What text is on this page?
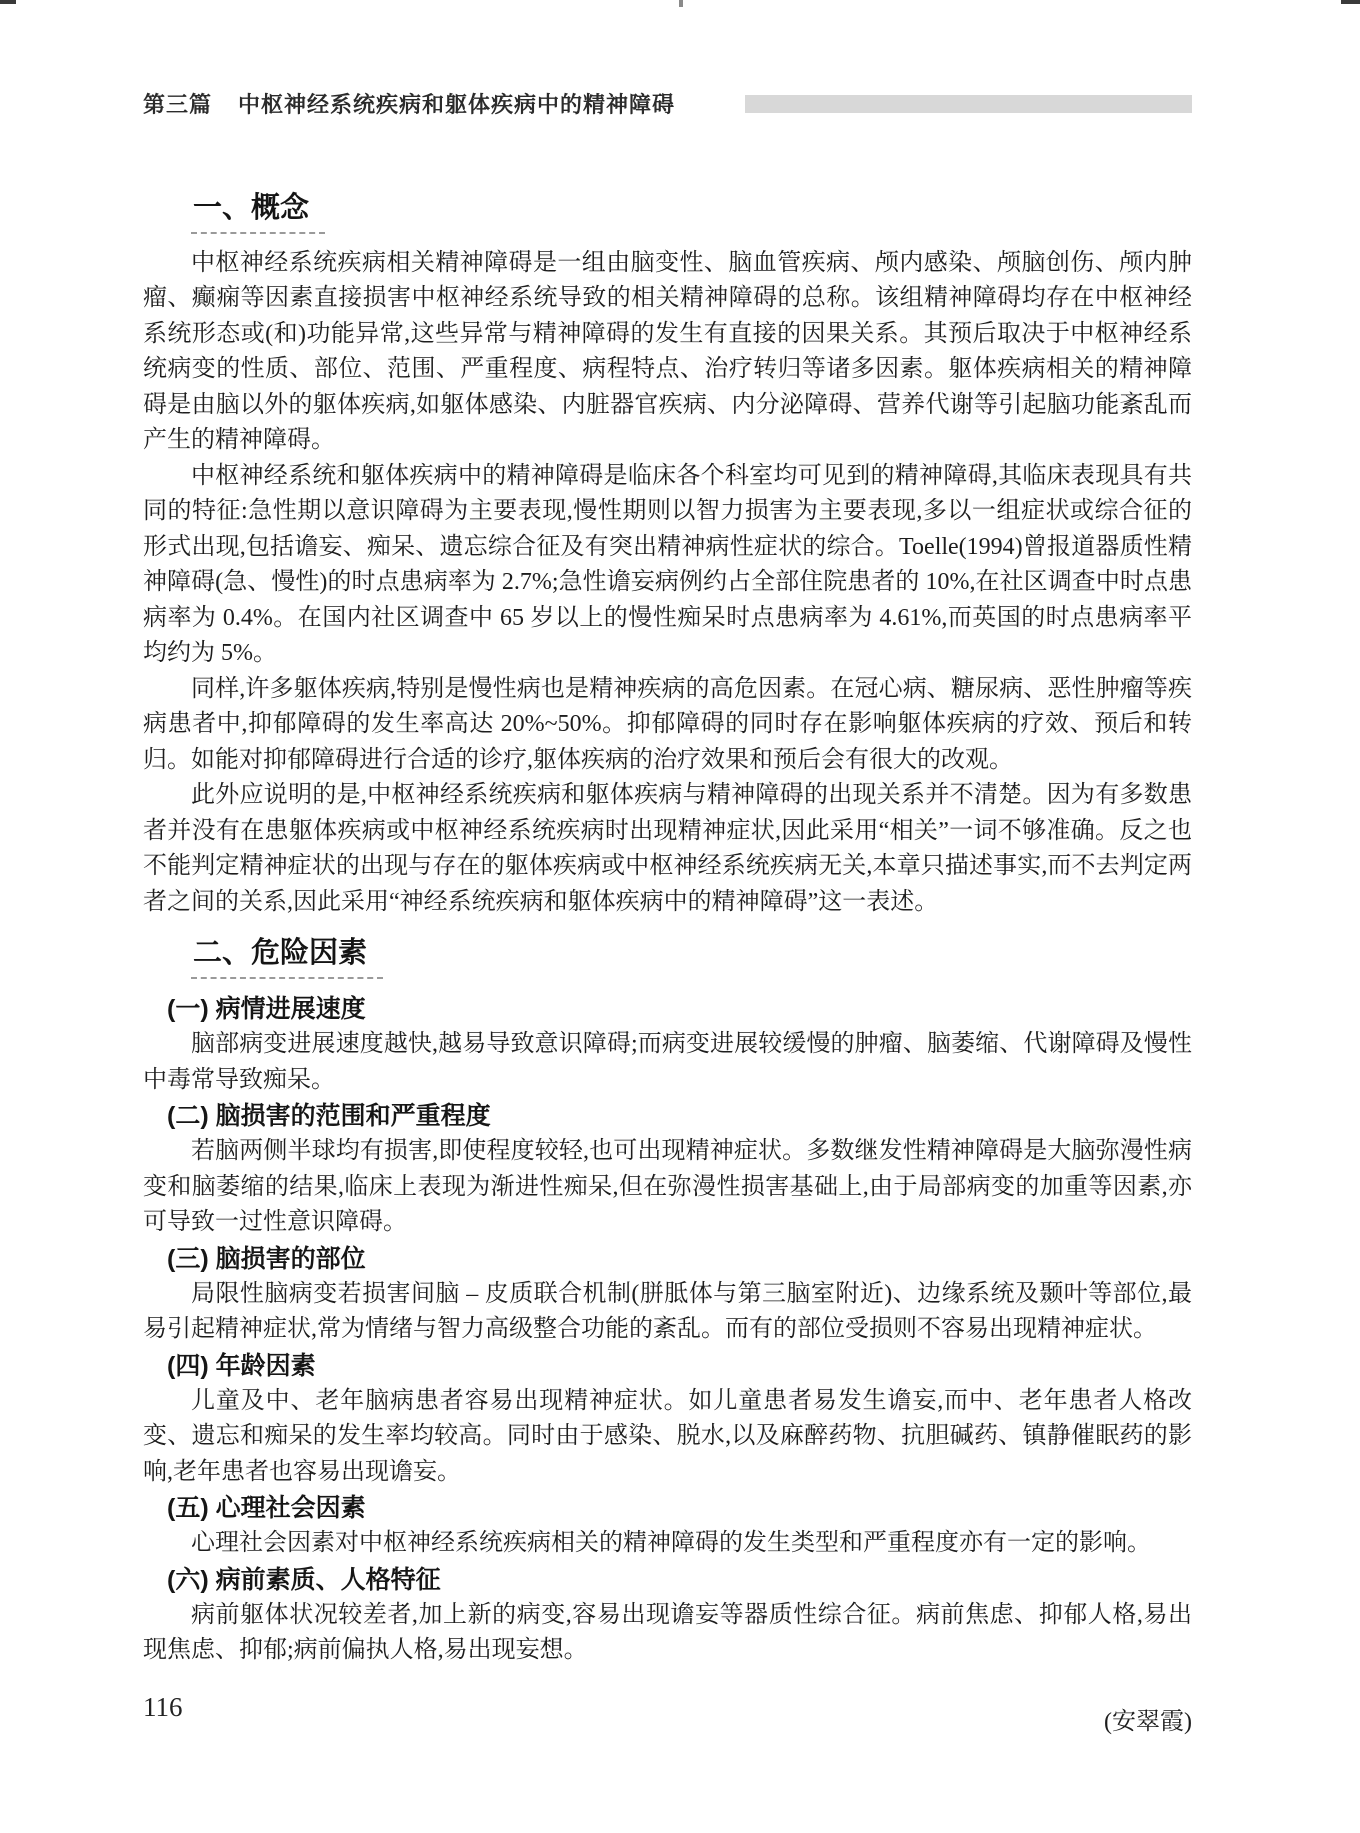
第三篇 中枢神经系统疾病和躯体疾病中的精神障碍
一、概念

中枢神经系统疾病相关精神障碍是一组由脑变性、脑血管疾病、颅内感染、颅脑创伤、颅内肿瘤、癫痫等因素直接损害中枢神经系统导致的相关精神障碍的总称。该组精神障碍均存在中枢神经系统形态或(和)功能异常,这些异常与精神障碍的发生有直接的因果关系。其预后取决于中枢神经系统病变的性质、部位、范围、严重程度、病程特点、治疗转归等诸多因素。躯体疾病相关的精神障碍是由脑以外的躯体疾病,如躯体感染、内脏器官疾病、内分泌障碍、营养代谢等引起脑功能紊乱而产生的精神障碍。

中枢神经系统和躯体疾病中的精神障碍是临床各个科室均可见到的精神障碍,其临床表现具有共同的特征:急性期以意识障碍为主要表现,慢性期则以智力损害为主要表现,多以一组症状或综合征的形式出现,包括谵妄、痴呆、遗忘综合征及有突出精神病性症状的综合。Toelle(1994)曾报道器质性精神障碍(急、慢性)的时点患病率为 2.7%;急性谵妄病例约占全部住院患者的 10%,在社区调查中时点患病率为 0.4%。在国内社区调查中 65 岁以上的慢性痴呆时点患病率为 4.61%,而英国的时点患病率平均约为 5%。

同样,许多躯体疾病,特别是慢性病也是精神疾病的高危因素。在冠心病、糖尿病、恶性肿瘤等疾病患者中,抑郁障碍的发生率高达 20%~50%。抑郁障碍的同时存在影响躯体疾病的疗效、预后和转归。如能对抑郁障碍进行合适的诊疗,躯体疾病的治疗效果和预后会有很大的改观。

此外应说明的是,中枢神经系统疾病和躯体疾病与精神障碍的出现关系并不清楚。因为有多数患者并没有在患躯体疾病或中枢神经系统疾病时出现精神症状,因此采用“相关”一词不够准确。反之也不能判定精神症状的出现与存在的躯体疾病或中枢神经系统疾病无关,本章只描述事实,而不去判定两者之间的关系,因此采用“神经系统疾病和躯体疾病中的精神障碍”这一表述。

二、危险因素
(一) 病情进展速度

脑部病变进展速度越快,越易导致意识障碍;而病变进展较缓慢的肿瘤、脑萎缩、代谢障碍及慢性中毒常导致痴呆。

(二) 脑损害的范围和严重程度

若脑两侧半球均有损害,即使程度较轻,也可出现精神症状。多数继发性精神障碍是大脑弥漫性病变和脑萎缩的结果,临床上表现为渐进性痴呆,但在弥漫性损害基础上,由于局部病变的加重等因素,亦可导致一过性意识障碍。

(三) 脑损害的部位

局限性脑病变若损害间脑 – 皮质联合机制(胼胝体与第三脑室附近)、边缘系统及颞叶等部位,最易引起精神症状,常为情绪与智力高级整合功能的紊乱。而有的部位受损则不容易出现精神症状。

(四) 年龄因素

儿童及中、老年脑病患者容易出现精神症状。如儿童患者易发生谵妄,而中、老年患者人格改变、遗忘和痴呆的发生率均较高。同时由于感染、脱水,以及麻醉药物、抗胆碱药、镇静催眠药的影响,老年患者也容易出现谵妄。

(五) 心理社会因素

心理社会因素对中枢神经系统疾病相关的精神障碍的发生类型和严重程度亦有一定的影响。

(六) 病前素质、人格特征

病前躯体状况较差者,加上新的病变,容易出现谵妄等器质性综合征。病前焦虑、抑郁人格,易出现焦虑、抑郁;病前偏执人格,易出现妄想。

(安翠霞)
116
